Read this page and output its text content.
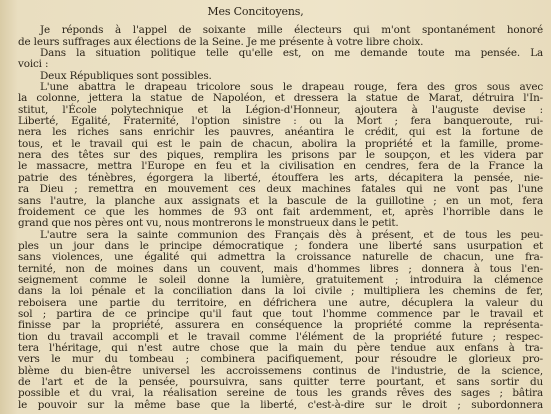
Mes Concitoyens,
Je réponds à l'appel de soixante mille électeurs qui m'ont spontanément honoré
de leurs suffrages aux élections de la Seine. Je me présente à votre libre choix.
Dans la situation politique telle qu'elle est, on me demande toute ma pensée. La
voici :
Deux Républiques sont possibles.
L'une abattra le drapeau tricolore sous le drapeau rouge, fera des gros sous avec
la colonne, jettera la statue de Napoléon, et dressera la statue de Marat, détruira l'In-
stitut, l'École polytechnique et la Légion-d'Honneur, ajoutera à l'auguste devise :
Liberté, Egalité, Fraternité, l'option sinistre : ou la Mort ; fera banqueroute, rui-
nera les riches sans enrichir les pauvres, anéantira le crédit, qui est la fortune de
tous, et le travail qui est le pain de chacun, abolira la propriété et la famille, prome-
nera des têtes sur des piques, remplira les prisons par le soupçon, et les videra par
le massacre, mettra l'Europe en feu et la civilisation en cendres, fera de la France la
patrie des ténèbres, égorgera la liberté, étouffera les arts, décapitera la pensée, nie-
ra Dieu ; remettra en mouvement ces deux machines fatales qui ne vont pas l'une
sans l'autre, la planche aux assignats et la bascule de la guillotine ; en un mot, fera
froidement ce que les hommes de 93 ont fait ardemment, et, après l'horrible dans le
grand que nos pères ont vu, nous montrerons le monstrueux dans le petit.
L'autre sera la sainte communion des Français dès à présent, et de tous les peu-
ples un jour dans le principe démocratique ; fondera une liberté sans usurpation et
sans violences, une égalité qui admettra la croissance naturelle de chacun, une fra-
ternité, non de moines dans un couvent, mais d'hommes libres ; donnera à tous l'en-
seignement comme le soleil donne la lumière, gratuitement ; introduira la clémence
dans la loi pénale et la conciliation dans la loi civile ; multipliera les chemins de fer,
reboisera une partie du territoire, en défrichera une autre, décuplera la valeur du
sol ; partira de ce principe qu'il faut que tout l'homme commence par le travail et
finisse par la propriété, assurera en conséquence la propriété comme la représenta-
tion du travail accompli et le travail comme l'élément de la propriété future ; respec-
tera l'héritage, qui n'est autre chose que la main du père tendue aux enfans à tra-
vers le mur du tombeau ; combinera pacifiquement, pour résoudre le glorieux pro-
blème du bien-être universel les accroissemens continus de l'industrie, de la science,
de l'art et de la pensée, poursuivra, sans quitter terre pourtant, et sans sortir du
possible et du vrai, la réalisation sereine de tous les grands rêves des sages ; bâtira
le pouvoir sur la même base que la liberté, c'est-à-dire sur le droit ; subordonnera
